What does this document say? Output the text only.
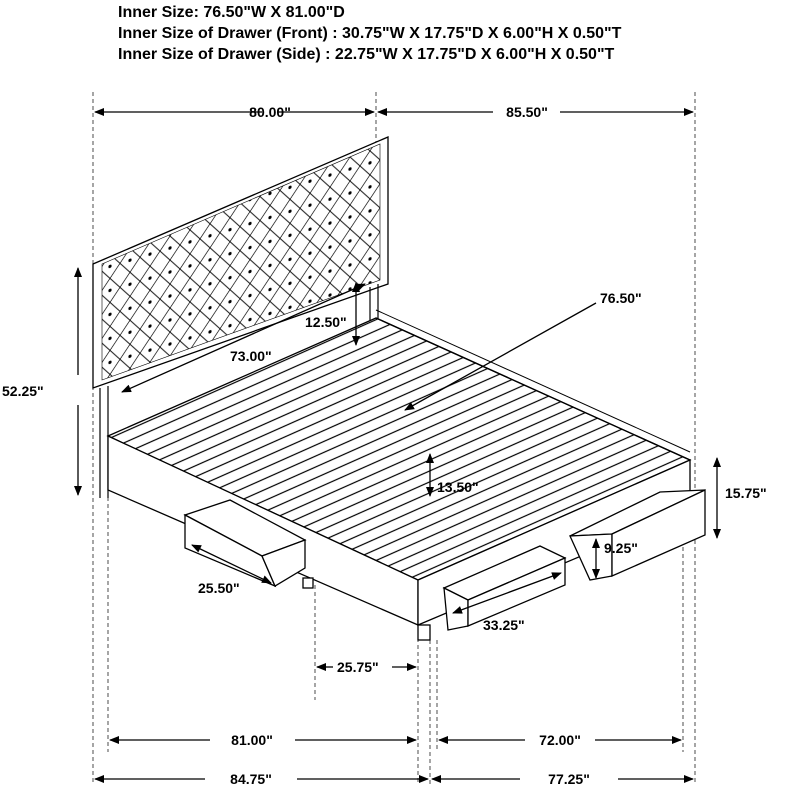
Inner Size: 76.50"W X 81.00"D
Inner Size of Drawer (Front) : 30.75"W X 17.75"D X 6.00"H X 0.50"T
Inner Size of Drawer (Side) : 22.75"W X 17.75"D X 6.00"H X 0.50"T
80.00"	85.50"
52.25"
12.50"
73.00"
76.50"
13.50"	15.75"
9.25"
25.50"
33.25"
25.75"
81.00"	72.00"
84.75"	77.25"
